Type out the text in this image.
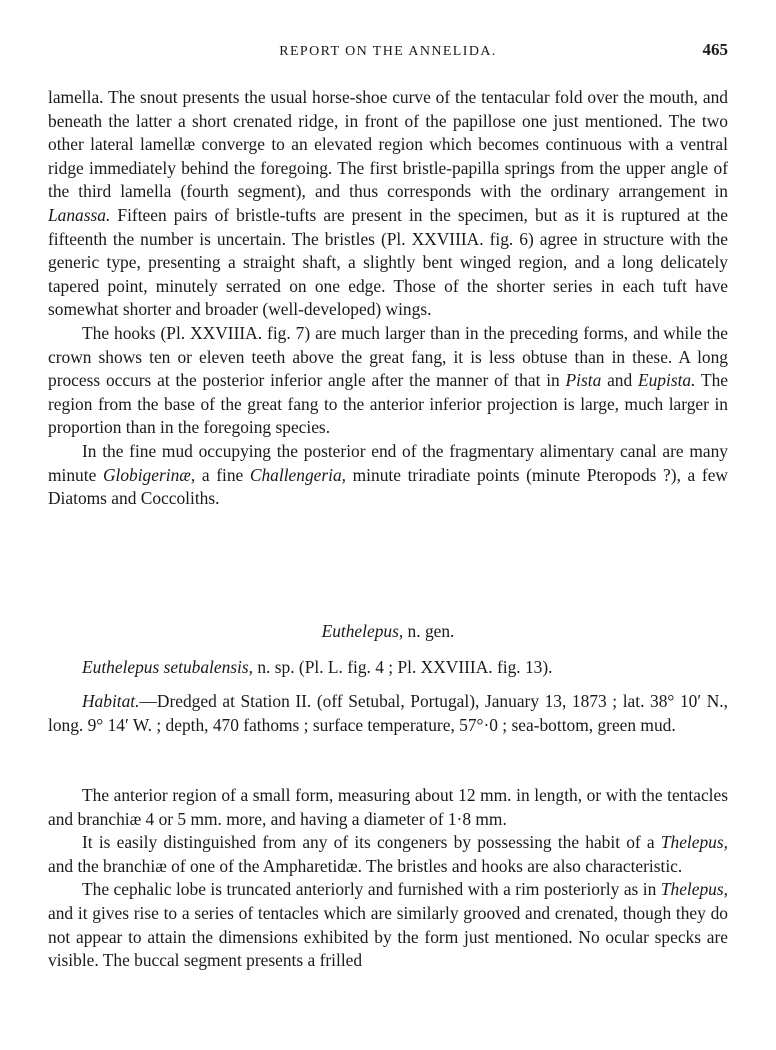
REPORT ON THE ANNELIDA.	465

lamella. The snout presents the usual horse-shoe curve of the tentacular fold over the mouth, and beneath the latter a short crenated ridge, in front of the papillose one just mentioned. The two other lateral lamellæ converge to an elevated region which becomes continuous with a ventral ridge immediately behind the foregoing. The first bristle-papilla springs from the upper angle of the third lamella (fourth segment), and thus corresponds with the ordinary arrangement in Lanassa. Fifteen pairs of bristle-tufts are present in the specimen, but as it is ruptured at the fifteenth the number is uncertain. The bristles (Pl. XXVIIIA. fig. 6) agree in structure with the generic type, presenting a straight shaft, a slightly bent winged region, and a long delicately tapered point, minutely serrated on one edge. Those of the shorter series in each tuft have somewhat shorter and broader (well-developed) wings.

The hooks (Pl. XXVIIIA. fig. 7) are much larger than in the preceding forms, and while the crown shows ten or eleven teeth above the great fang, it is less obtuse than in these. A long process occurs at the posterior inferior angle after the manner of that in Pista and Eupista. The region from the base of the great fang to the anterior inferior projection is large, much larger in proportion than in the foregoing species.

In the fine mud occupying the posterior end of the fragmentary alimentary canal are many minute Globigerinæ, a fine Challengeria, minute triradiate points (minute Pteropods ?), a few Diatoms and Coccoliths.

Euthelepus, n. gen.

Euthelepus setubalensis, n. sp. (Pl. L. fig. 4 ; Pl. XXVIIIA. fig. 13).

Habitat.—Dredged at Station II. (off Setubal, Portugal), January 13, 1873 ; lat. 38° 10′ N., long. 9° 14′ W. ; depth, 470 fathoms ; surface temperature, 57°·0 ; sea-bottom, green mud.

The anterior region of a small form, measuring about 12 mm. in length, or with the tentacles and branchiæ 4 or 5 mm. more, and having a diameter of 1·8 mm.

It is easily distinguished from any of its congeners by possessing the habit of a Thelepus, and the branchiæ of one of the Ampharetidæ. The bristles and hooks are also characteristic.

The cephalic lobe is truncated anteriorly and furnished with a rim posteriorly as in Thelepus, and it gives rise to a series of tentacles which are similarly grooved and crenated, though they do not appear to attain the dimensions exhibited by the form just mentioned. No ocular specks are visible. The buccal segment presents a frilled
